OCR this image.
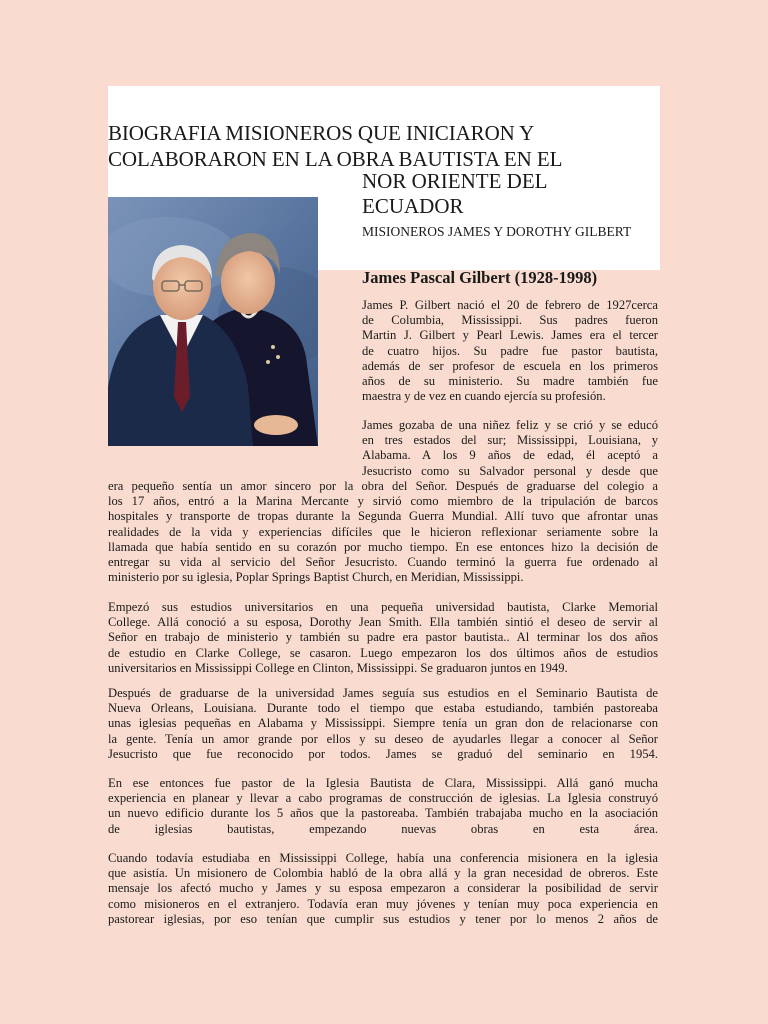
BIOGRAFIA MISIONEROS QUE INICIARON Y
COLABORARON EN LA OBRA BAUTISTA EN EL
NOR ORIENTE DEL
ECUADOR
MISIONEROS JAMES Y DOROTHY GILBERT
James Pascal Gilbert (1928-1998)
James P. Gilbert nació el 20 de febrero de 1927cerca
de Columbia, Mississippi. Sus padres fueron
Martin J. Gilbert y Pearl Lewis. James era el tercer
de cuatro hijos. Su padre fue pastor bautista,
además de ser profesor de escuela en los primeros
años de su ministerio. Su madre también fue
maestra y de vez en cuando ejercía su profesión.
James gozaba de una niñez feliz y se crió y se educó
en tres estados del sur; Mississippi, Louisiana, y
Alabama. A los 9 años de edad, él aceptó a
Jesucristo como su Salvador personal y desde que
era pequeño sentía un amor sincero por la obra del Señor. Después de graduarse del colegio a
los 17 años, entró a la Marina Mercante y sirvió como miembro de la tripulación de barcos
hospitales y transporte de tropas durante la Segunda Guerra Mundial. Allí tuvo que afrontar unas
realidades de la vida y experiencias difíciles que le hicieron reflexionar seriamente sobre la
llamada que había sentido en su corazón por mucho tiempo. En ese entonces hizo la decisión de
entregar su vida al servicio del Señor Jesucristo. Cuando terminó la guerra fue ordenado al
ministerio por su iglesia, Poplar Springs Baptist Church, en Meridian, Mississippi.
Empezó sus estudios universitarios en una pequeña universidad bautista, Clarke Memorial
College. Allá conoció a su esposa, Dorothy Jean Smith. Ella también sintió el deseo de servir al
Señor en trabajo de ministerio y también su padre era pastor bautista.. Al terminar los dos años
de estudio en Clarke College, se casaron. Luego empezaron los dos últimos años de estudios
universitarios en Mississippi College en Clinton, Mississippi. Se graduaron juntos en 1949.
Después de graduarse de la universidad James seguía sus estudios en el Seminario Bautista de
Nueva Orleans, Louisiana. Durante todo el tiempo que estaba estudiando, también pastoreaba
unas iglesias pequeñas en Alabama y Mississippi. Siempre tenía un gran don de relacionarse con
la gente. Tenía un amor grande por ellos y su deseo de ayudarles llegar a conocer al Señor
Jesucristo que fue reconocido por todos. James se graduó del seminario en 1954.
En ese entonces fue pastor de la Iglesia Bautista de Clara, Mississippi. Allá ganó mucha
experiencia en planear y llevar a cabo programas de construcción de iglesias. La Iglesia construyó
un nuevo edificio durante los 5 años que la pastoreaba. También trabajaba mucho en la asociación
de iglesias bautistas, empezando nuevas obras en esta área.
Cuando todavía estudiaba en Mississippi College, había una conferencia misionera en la iglesia
que asistía. Un misionero de Colombia habló de la obra allá y la gran necesidad de obreros. Este
mensaje los afectó mucho y James y su esposa empezaron a considerar la posibilidad de servir
como misioneros en el extranjero. Todavía eran muy jóvenes y tenían muy poca experiencia en
pastorear iglesias, por eso tenían que cumplir sus estudios y tener por lo menos 2 años de
